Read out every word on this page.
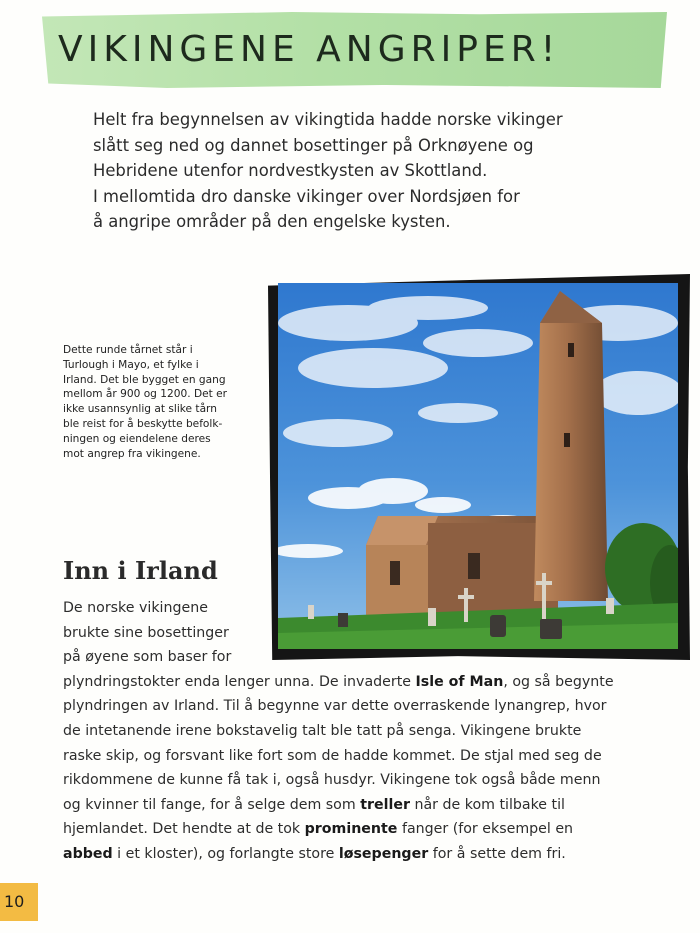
VIKINGENE ANGRIPER!

Helt fra begynnelsen av vikingtida hadde norske vikinger
slått seg ned og dannet bosettinger på Orknøyene og
Hebridene utenfor nordvestkysten av Skottland.
I mellomtida dro danske vikinger over Nordsjøen for
å angripe områder på den engelske kysten.

Dette runde tårnet står i
Turlough i Mayo, et fylke i
Irland. Det ble bygget en gang
mellom år 900 og 1200. Det er
ikke usannsynlig at slike tårn
ble reist for å beskytte befolk-
ningen og eiendelene deres
mot angrep fra vikingene.

Inn i Irland

De norske vikingene
brukte sine bosettinger
på øyene som baser for
plyndringstokter enda lenger unna. De invaderte Isle of Man, og så begynte
plyndringen av Irland. Til å begynne var dette overraskende lynangrep, hvor
de intetanende irene bokstavelig talt ble tatt på senga. Vikingene brukte
raske skip, og forsvant like fort som de hadde kommet. De stjal med seg de
rikdommene de kunne få tak i, også husdyr. Vikingene tok også både menn
og kvinner til fange, for å selge dem som treller når de kom tilbake til
hjemlandet. Det hendte at de tok prominente fanger (for eksempel en
abbed i et kloster), og forlangte store løsepenger for å sette dem fri.

10
